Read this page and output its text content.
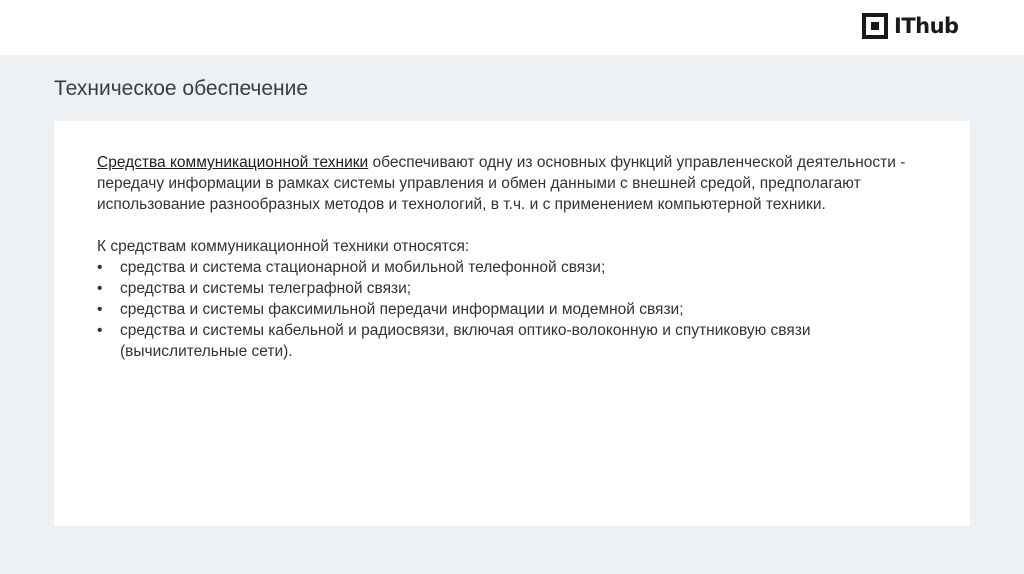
IThub
Техническое обеспечение

Средства коммуникационной техники обеспечивают одну из основных функций управленческой деятельности - передачу информации в рамках системы управления и обмен данными с внешней средой, предполагают использование разнообразных методов и технологий, в т.ч. и с применением компьютерной техники.

К средствам коммуникационной техники относятся:

• средства и система стационарной и мобильной телефонной связи;
• средства и системы телеграфной связи;
• средства и системы факсимильной передачи информации и модемной связи;
• средства и системы кабельной и радиосвязи, включая оптико-волоконную и спутниковую связи (вычислительные сети).
